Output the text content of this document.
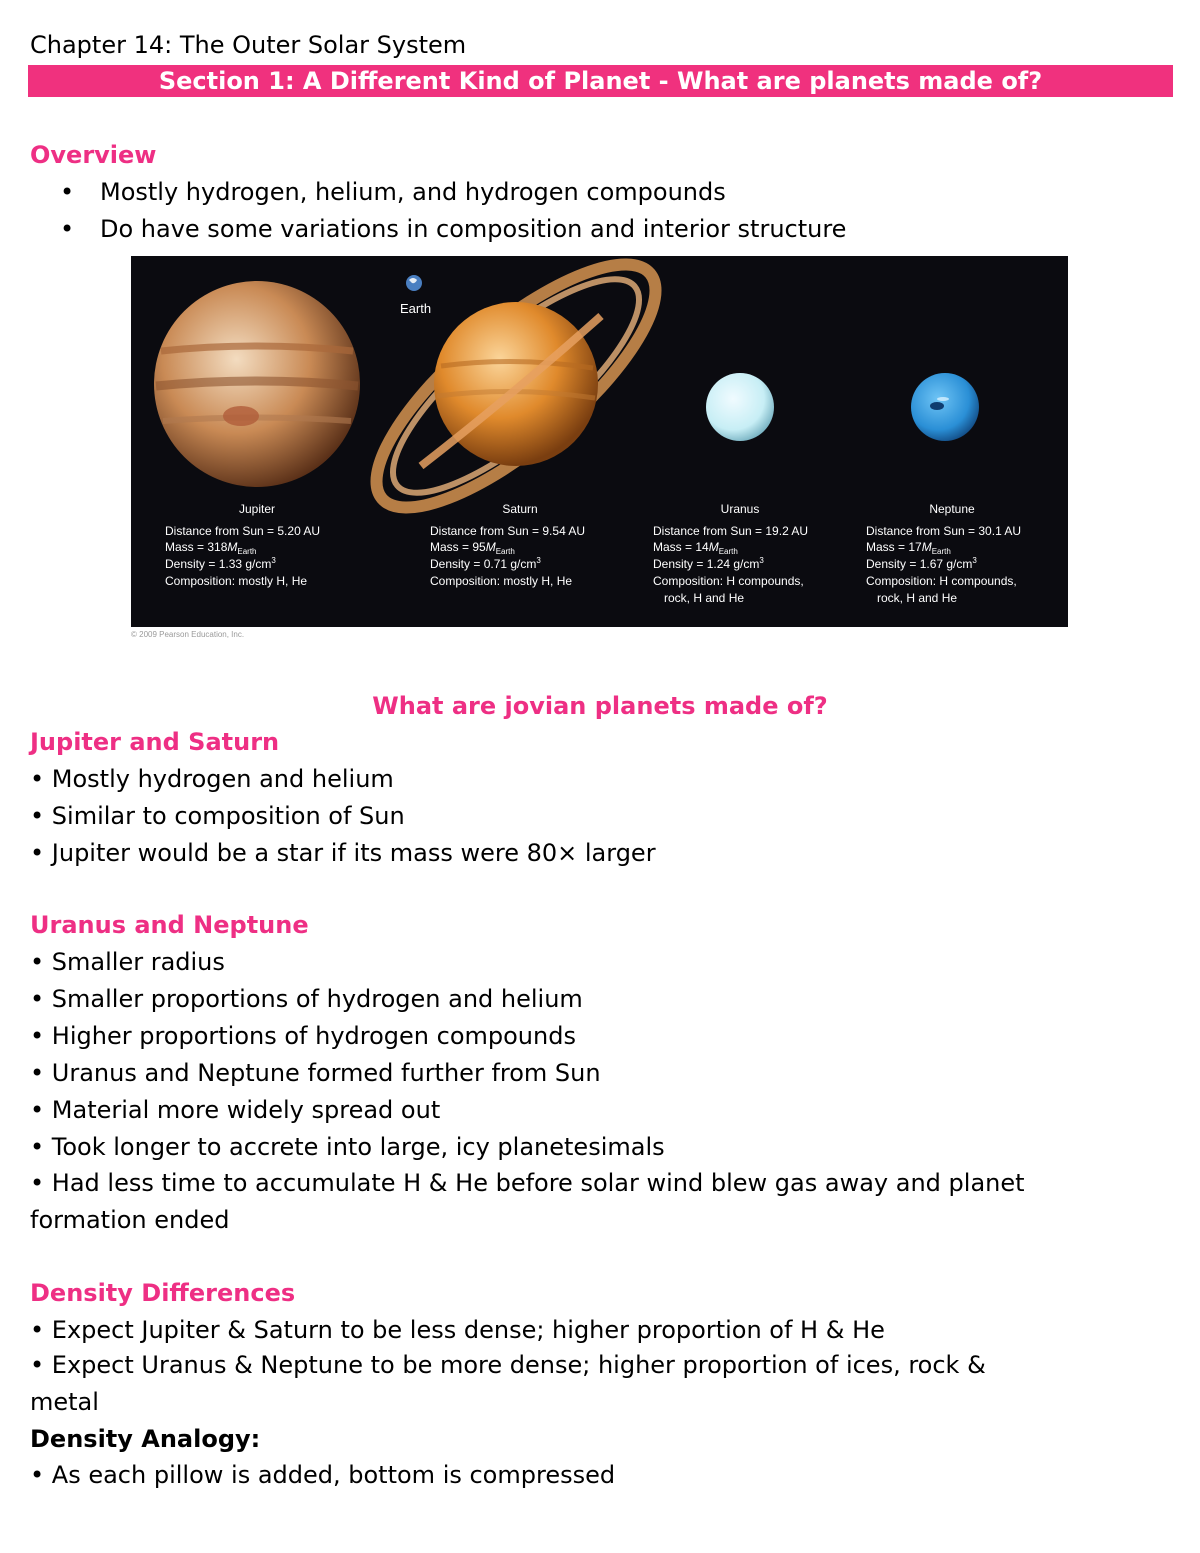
Chapter 14: The Outer Solar System
Section 1: A Different Kind of Planet - What are planets made of?
Overview
• Mostly hydrogen, helium, and hydrogen compounds
• Do have some variations in composition and interior structure
Earth
Jupiter
Distance from Sun = 5.20 AU
Mass = $318M_{Earth}$
Density = 1.33 $g/cm^3$
Composition: mostly H, He
Saturn
Distance from Sun = 9.54 AU
Mass = $95M_{Earth}$
Density = 0.71 $g/cm^3$
Composition: mostly H, He
Uranus
Distance from Sun = 19.2 AU
Mass = $14M_{Earth}$
Density = 1.24 $g/cm^3$
Composition: H compounds,
rock, H and He
Neptune
Distance from Sun = 30.1 AU
Mass = $17M_{Earth}$
Density = 1.67 $g/cm^3$
Composition: H compounds,
rock, H and He
© 2009 Pearson Education, Inc.
What are jovian planets made of?
Jupiter and Saturn
• Mostly hydrogen and helium
• Similar to composition of Sun
• Jupiter would be a star if its mass were 80× larger
Uranus and Neptune
• Smaller radius
• Smaller proportions of hydrogen and helium
• Higher proportions of hydrogen compounds
• Uranus and Neptune formed further from Sun
• Material more widely spread out
• Took longer to accrete into large, icy planetesimals
• Had less time to accumulate H & He before solar wind blew gas away and planet
formation ended
Density Differences
• Expect Jupiter & Saturn to be less dense; higher proportion of H & He
• Expect Uranus & Neptune to be more dense; higher proportion of ices, rock &
metal
Density Analogy:
• As each pillow is added, bottom is compressed
